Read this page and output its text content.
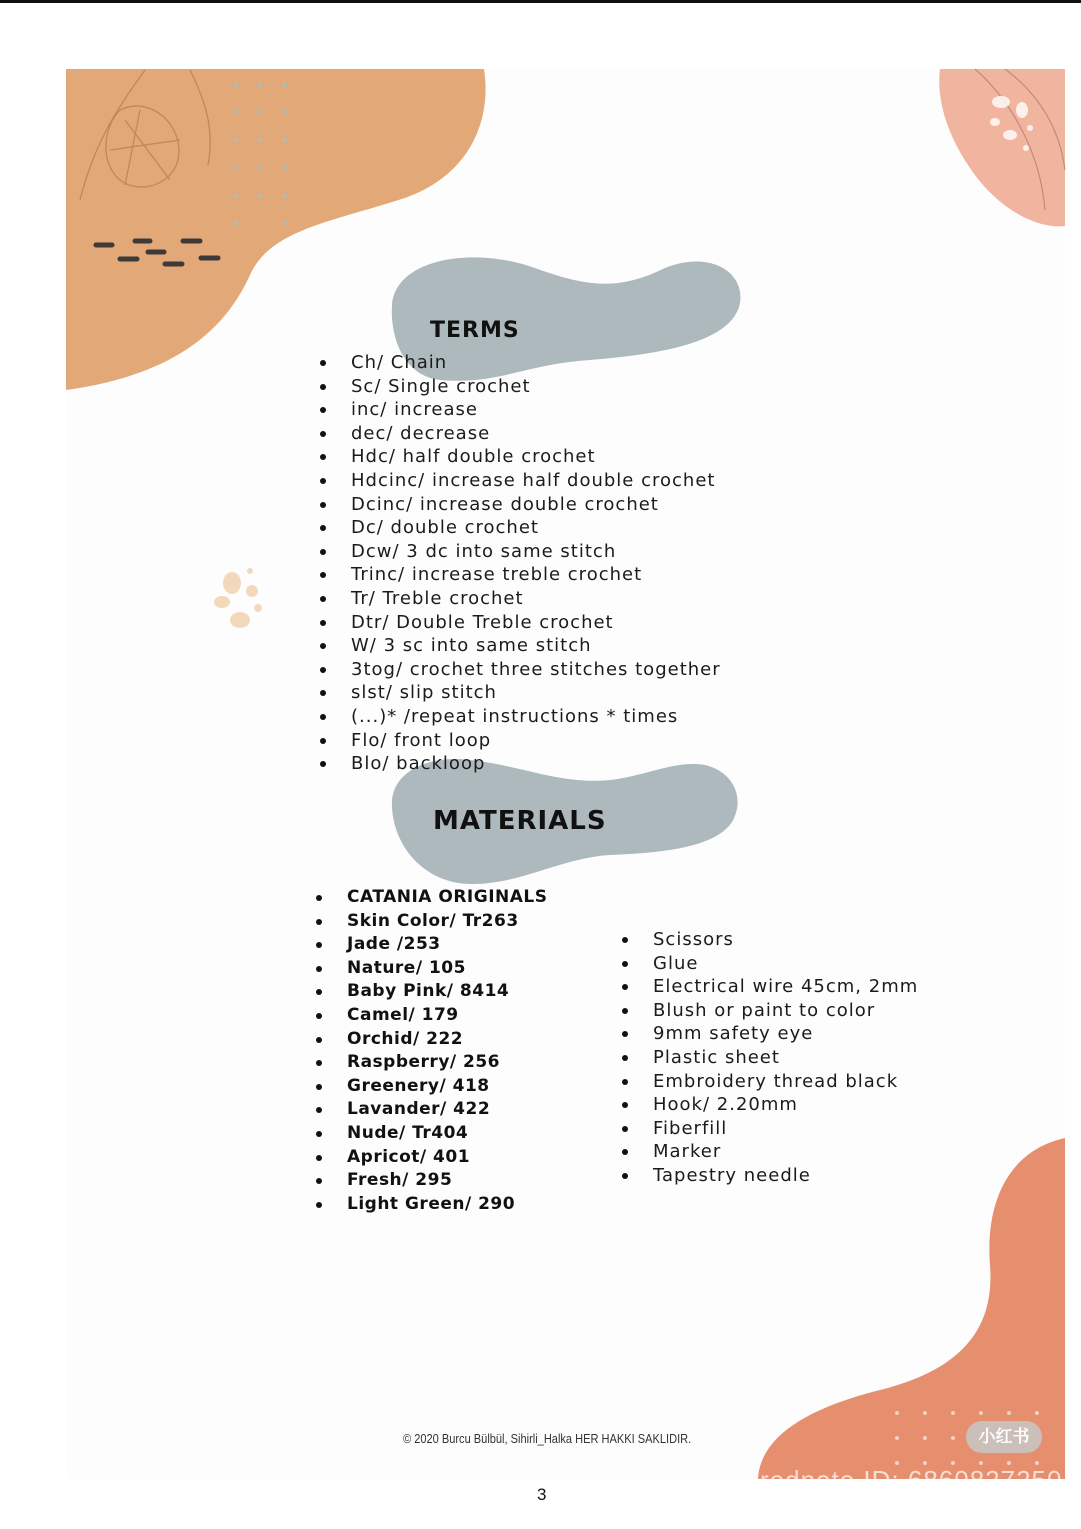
TERMS
Ch/ Chain
Sc/ Single crochet
inc/ increase
dec/ decrease
Hdc/ half double crochet
Hdcinc/ increase half double crochet
Dcinc/ increase double crochet
Dc/ double crochet
Dcw/ 3 dc into same stitch
Trinc/ increase treble crochet
Tr/ Treble crochet
Dtr/ Double Treble crochet
W/ 3 sc into same stitch
3tog/ crochet three stitches together
slst/ slip stitch
(...)* /repeat instructions * times
Flo/ front loop
Blo/ backloop
MATERIALS
CATANIA ORIGINALS
Skin Color/ Tr263
Jade /253
Nature/ 105
Baby Pink/ 8414
Camel/ 179
Orchid/ 222
Raspberry/ 256
Greenery/ 418
Lavander/ 422
Nude/ Tr404
Apricot/ 401
Fresh/ 295
Light Green/ 290
Scissors
Glue
Electrical wire 45cm, 2mm
Blush or paint to color
9mm safety eye
Plastic sheet
Embroidery thread black
Hook/ 2.20mm
Fiberfill
Marker
Tapestry needle
© 2020 Burcu Bülbül, Sihirli_Halka HER HAKKI SAKLIDIR.	小红书
rednote ID: 6860827250
3
